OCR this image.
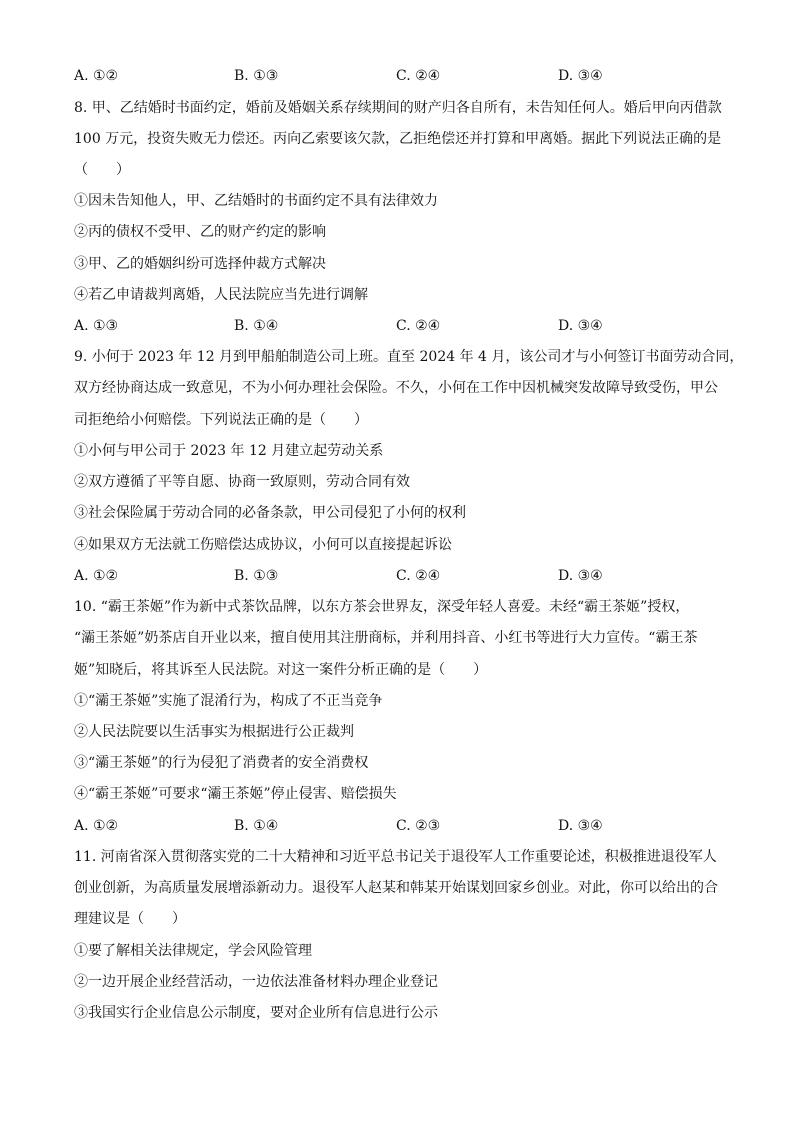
A. ①②	B. ①③	C. ②④	D. ③④
8. 甲、乙结婚时书面约定，婚前及婚姻关系存续期间的财产归各自所有，未告知任何人。婚后甲向丙借款
100 万元，投资失败无力偿还。丙向乙索要该欠款，乙拒绝偿还并打算和甲离婚。据此下列说法正确的是
（　　）
①因未告知他人，甲、乙结婚时的书面约定不具有法律效力
②丙的债权不受甲、乙的财产约定的影响
③甲、乙的婚姻纠纷可选择仲裁方式解决
④若乙申请裁判离婚，人民法院应当先进行调解
A. ①③	B. ①④	C. ②④	D. ③④
9. 小何于 2023 年 12 月到甲船舶制造公司上班。直至 2024 年 4 月，该公司才与小何签订书面劳动合同，
双方经协商达成一致意见，不为小何办理社会保险。不久，小何在工作中因机械突发故障导致受伤，甲公
司拒绝给小何赔偿。下列说法正确的是（　　）
①小何与甲公司于 2023 年 12 月建立起劳动关系
②双方遵循了平等自愿、协商一致原则，劳动合同有效
③社会保险属于劳动合同的必备条款，甲公司侵犯了小何的权利
④如果双方无法就工伤赔偿达成协议，小何可以直接提起诉讼
A. ①②	B. ①③	C. ②④	D. ③④
10. “霸王茶姬”作为新中式茶饮品牌，以东方茶会世界友，深受年轻人喜爱。未经“霸王茶姬”授权，
“灞王茶姬”奶茶店自开业以来，擅自使用其注册商标，并利用抖音、小红书等进行大力宣传。“霸王茶
姬”知晓后，将其诉至人民法院。对这一案件分析正确的是（　　）
①“灞王茶姬”实施了混淆行为，构成了不正当竞争
②人民法院要以生活事实为根据进行公正裁判
③“灞王茶姬”的行为侵犯了消费者的安全消费权
④“霸王茶姬”可要求“灞王茶姬”停止侵害、赔偿损失
A. ①②	B. ①④	C. ②③	D. ③④
11. 河南省深入贯彻落实党的二十大精神和习近平总书记关于退役军人工作重要论述，积极推进退役军人
创业创新，为高质量发展增添新动力。退役军人赵某和韩某开始谋划回家乡创业。对此，你可以给出的合
理建议是（　　）
①要了解相关法律规定，学会风险管理
②一边开展企业经营活动，一边依法准备材料办理企业登记
③我国实行企业信息公示制度，要对企业所有信息进行公示
